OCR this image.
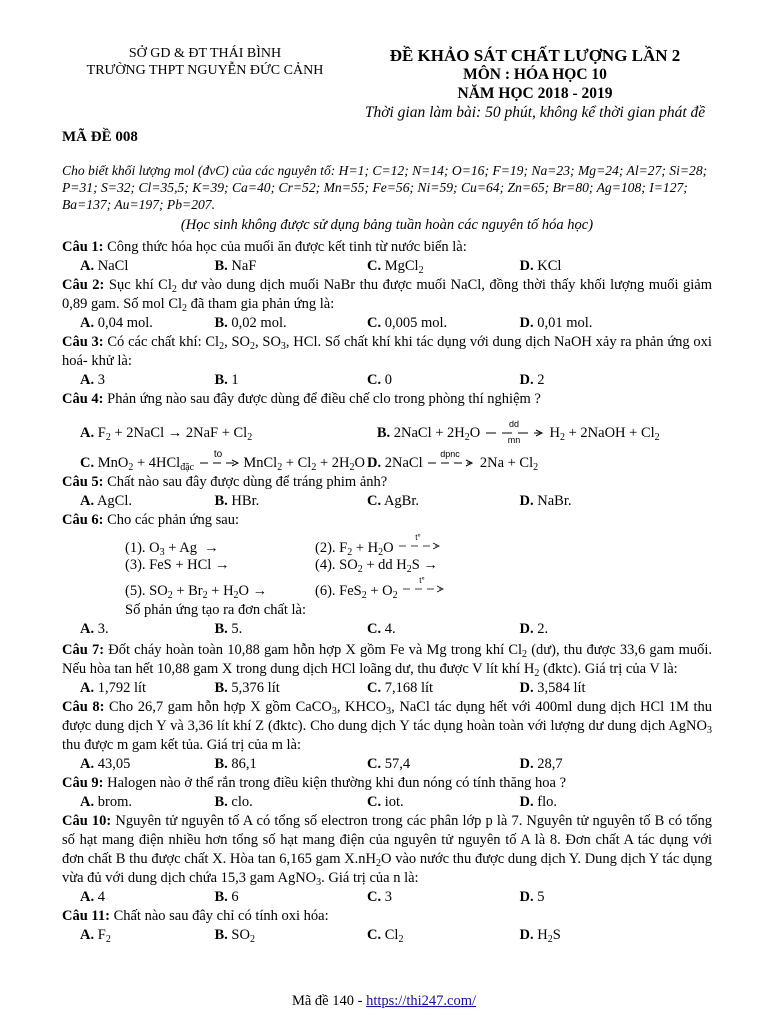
SỞ GD & ĐT THÁI BÌNH
TRƯỜNG THPT NGUYỄN ĐỨC CẢNH
ĐỀ KHẢO SÁT CHẤT LƯỢNG LẦN 2
MÔN : HÓA HỌC 10
NĂM HỌC 2018 - 2019
Thời gian làm bài: 50 phút, không kể thời gian phát đề
MÃ ĐỀ 008
Cho biết khối lượng mol (đvC) của các nguyên tố: H=1; C=12; N=14; O=16; F=19; Na=23; Mg=24; Al=27; Si=28; P=31; S=32; Cl=35,5; K=39; Ca=40; Cr=52; Mn=55; Fe=56; Ni=59; Cu=64; Zn=65; Br=80; Ag=108; I=127; Ba=137; Au=197; Pb=207.
(Học sinh không được sử dụng bảng tuần hoàn các nguyên tố hóa học)
Câu 1: Công thức hóa học của muối ăn được kết tinh từ nước biển là:
A. NaCl	B. NaF	C. MgCl$_2$	D. KCl
Câu 2: Sục khí $Cl_2$ dư vào dung dịch muối NaBr thu được muối NaCl, đồng thời thấy khối lượng muối giảm 0,89 gam. Số mol $Cl_2$ đã tham gia phản ứng là:
A. 0,04 mol.	B. 0,02 mol.	C. 0,005 mol.	D. 0,01 mol.
Câu 3: Có các chất khí: $Cl_2$, $SO_2$, $SO_3$, HCl. Số chất khí khi tác dụng với dung dịch NaOH xảy ra phản ứng oxi hoá- khử là:
A. 3	B. 1	C. 0	D. 2
Câu 4: Phản ứng nào sau đây được dùng để điều chế clo trong phòng thí nghiệm ?
A. $F_2$ + 2NaCl → $2NaF + Cl_2$	B. 2NaCl + $2H_2O$
dd
mn $H_2$ + 2NaOH + $Cl_2$
C. MnO$_2$ + 4HCl$_{đặc}$
to
MnCl$_2$ + $Cl_2 + 2H_2O$ D. 2NaCl
dpnc
$2Na + Cl_2$
Câu 5: Chất nào sau đây được dùng để tráng phim ảnh?
A. AgCl.	B. HBr.	C. AgBr.	D. NaBr.
Câu 6: Cho các phản ứng sau:
(1). $O_3 + Ag$  →	(2). $F_2 + H_2O$
t°
(3). FeS + HCl →	(4). $SO_2$ + dd $H_2S$ →
(5). $SO_2 + Br_2 + H_2O$ →	(6). $FeS_2 + O_2$
t°
Số phản ứng tạo ra đơn chất là:
A. 3.	B. 5.	C. 4.	D. 2.
Câu 7: Đốt cháy hoàn toàn 10,88 gam hỗn hợp X gồm Fe và Mg trong khí $Cl_2$ (dư), thu được 33,6 gam muối. Nếu hòa tan hết 10,88 gam X trong dung dịch HCl loãng dư, thu được V lít khí $H_2$ (đktc). Giá trị của V là:
A. 1,792 lít	B. 5,376 lít	C. 7,168 lít	D. 3,584 lít
Câu 8: Cho 26,7 gam hỗn hợp X gồm CaCO$_3$, $KHCO_3$, NaCl tác dụng hết với 400ml dung dịch HCl 1M thu được dung dịch Y và 3,36 lít khí Z (đktc). Cho dung dịch Y tác dụng hoàn toàn với lượng dư dung dịch AgNO$_3$ thu được m gam kết tủa. Giá trị của m là:
A. 43,05	B. 86,1	C. 57,4	D. 28,7
Câu 9: Halogen nào ở thể rắn trong điều kiện thường khi đun nóng có tính thăng hoa ?
A. brom.	B. clo.	C. iot.	D. flo.
Câu 10: Nguyên tử nguyên tố A có tổng số electron trong các phân lớp p là 7. Nguyên tử nguyên tố B có tổng số hạt mang điện nhiều hơn tổng số hạt mang điện của nguyên tử nguyên tố A là 8. Đơn chất A tác dụng với đơn chất B thu được chất X. Hòa tan 6,165 gam $X.nH_2O$ vào nước thu được dung dịch Y. Dung dịch Y tác dụng vừa đủ với dung dịch chứa 15,3 gam AgNO$_3$. Giá trị của n là:
A. 4	B. 6	C. 3	D. 5
Câu 11: Chất nào sau đây chỉ có tính oxi hóa:
A. $F_2$	B. $SO_2$	C. $Cl_2$	D. $H_2S$
Mã đề 140 - https://thi247.com/
